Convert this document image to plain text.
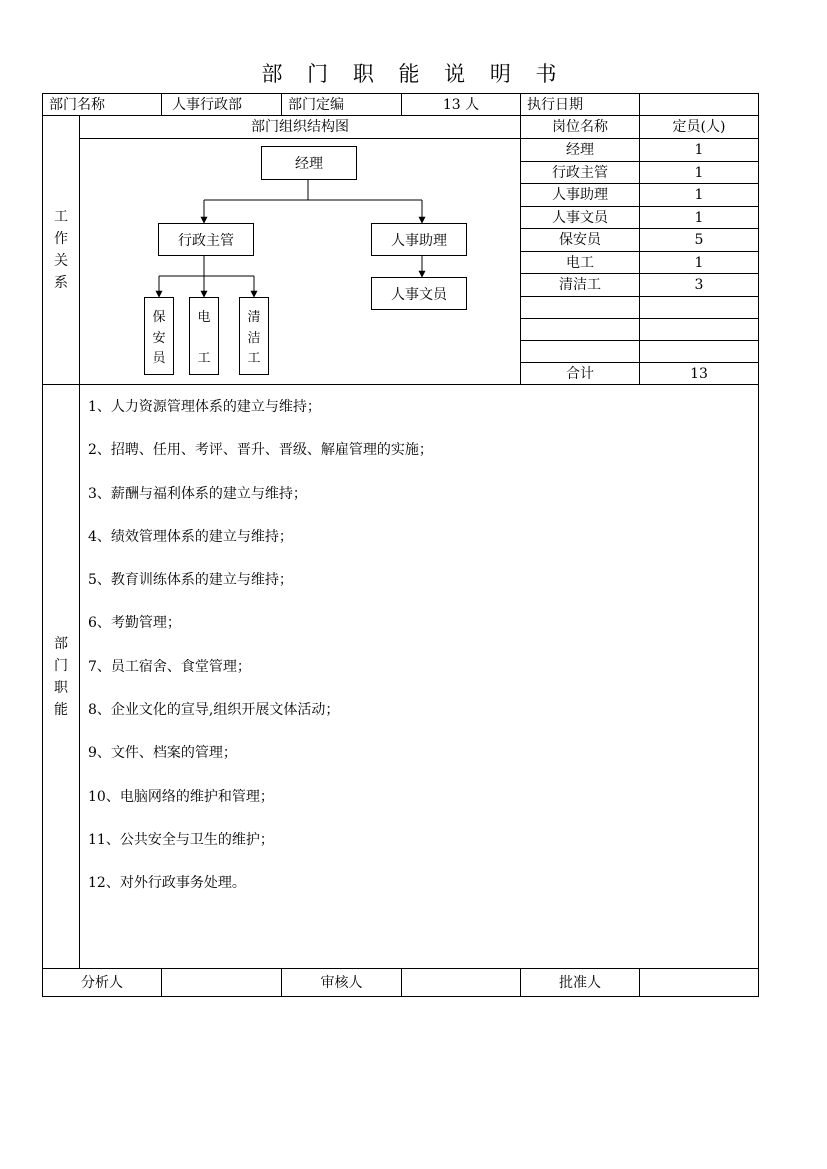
部 门 职 能 说 明 书
部门名称	人事行政部	部门定编	13 人	执行日期
工
作
关
系
部门组织结构图
经理
行政主管	人事助理
人事文员
保
安
员
电
工
清
洁
工
岗位名称	定员(人)
经理	1
行政主管	1
人事助理	1
人事文员	1
保安员	5
电工	1
清洁工	3
合计	13
部
门
职
能
1、人力资源管理体系的建立与维持；
2、招聘、任用、考评、晋升、晋级、解雇管理的实施；
3、薪酬与福利体系的建立与维持；
4、绩效管理体系的建立与维持；
5、教育训练体系的建立与维持；
6、考勤管理；
7、员工宿舍、食堂管理；
8、企业文化的宣导,组织开展文体活动；
9、文件、档案的管理；
10、电脑网络的维护和管理；
11、公共安全与卫生的维护；
12、对外行政事务处理。
分析人	审核人	批准人
